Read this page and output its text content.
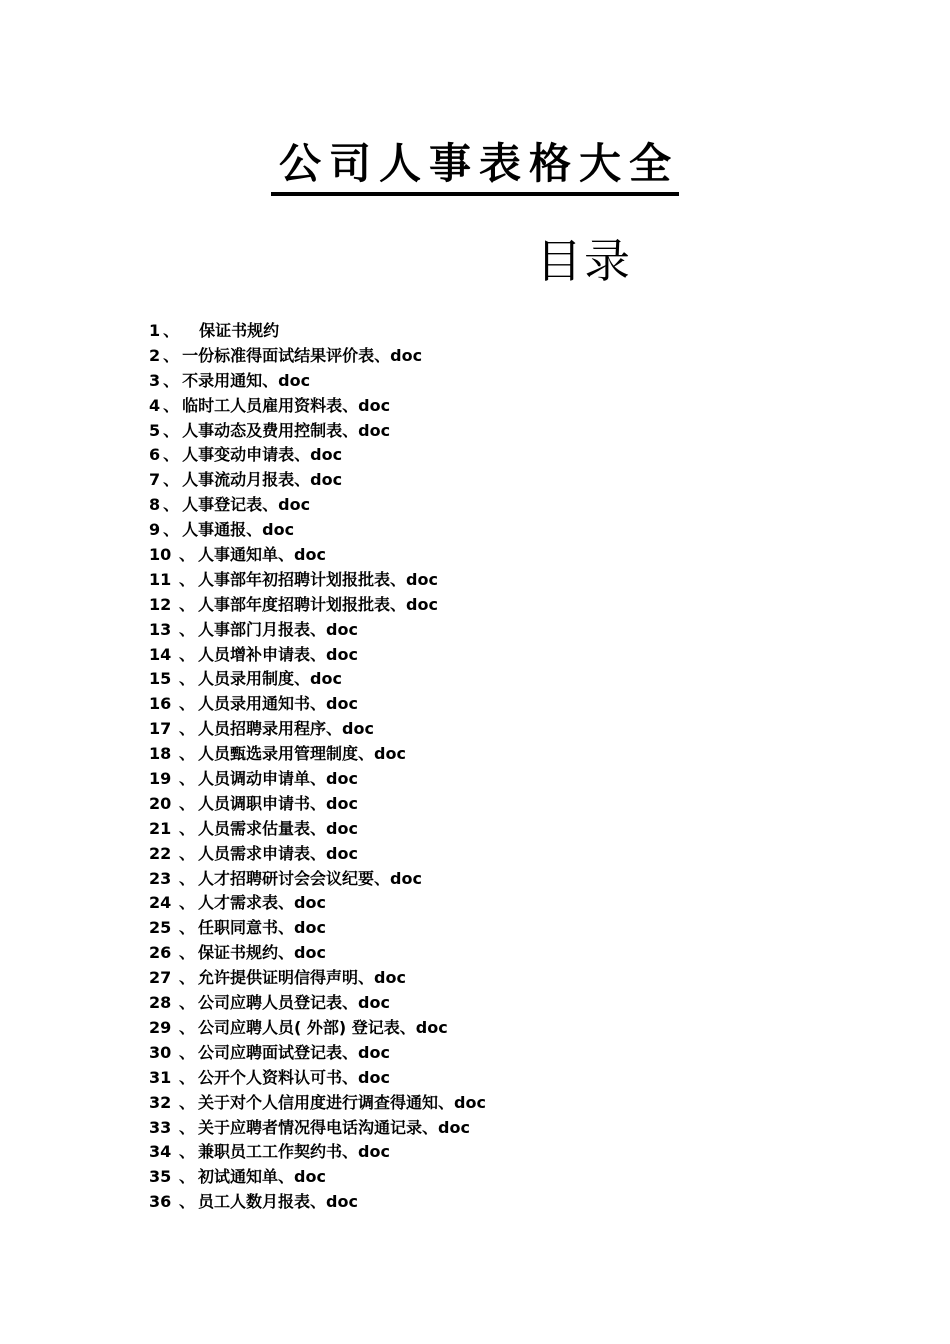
公司人事表格大全
目录
1 、 保证书规约
2 、 一份标准得面试结果评价表、doc
3 、 不录用通知、doc
4 、 临时工人员雇用资料表、doc
5 、 人事动态及费用控制表、doc
6 、 人事变动申请表、doc
7 、 人事流动月报表、doc
8 、 人事登记表、doc
9 、 人事通报、doc
10 、 人事通知单、doc
11 、 人事部年初招聘计划报批表、doc
12 、 人事部年度招聘计划报批表、doc
13 、 人事部门月报表、doc
14 、 人员增补申请表、doc
15 、 人员录用制度、doc
16 、 人员录用通知书、doc
17 、 人员招聘录用程序、doc
18 、 人员甄选录用管理制度、doc
19 、 人员调动申请单、doc
20 、 人员调职申请书、doc
21 、 人员需求估量表、doc
22 、 人员需求申请表、doc
23 、 人才招聘研讨会会议纪要、doc
24 、 人才需求表、doc
25 、 任职同意书、doc
26 、 保证书规约、doc
27 、 允许提供证明信得声明、doc
28 、 公司应聘人员登记表、doc
29 、 公司应聘人员( 外部) 登记表、doc
30 、 公司应聘面试登记表、doc
31 、 公开个人资料认可书、doc
32 、 关于对个人信用度进行调查得通知、doc
33 、 关于应聘者情况得电话沟通记录、doc
34 、 兼职员工工作契约书、doc
35 、 初试通知单、doc
36 、 员工人数月报表、doc
